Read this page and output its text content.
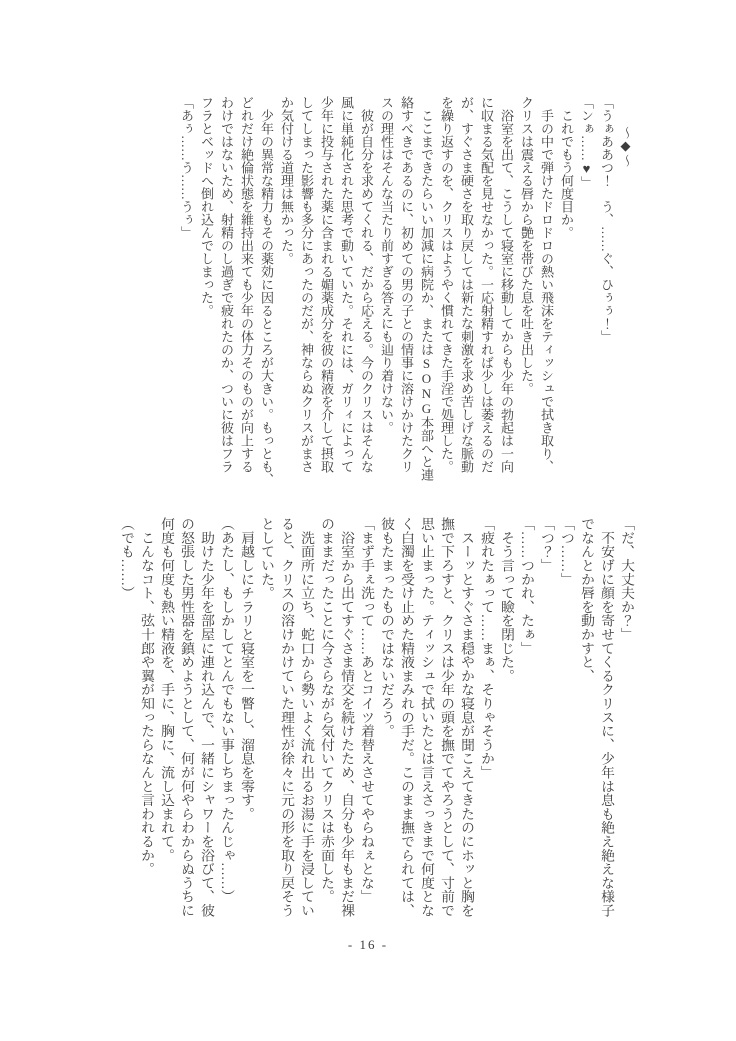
〜◆〜

「うぁああつ！　う、……ぐ、ひぅぅ！」

「ンぁ……♥」

　これでもう何度目か。

　手の中で弾けたドロドロの熱い飛沫をティッシュで拭き取り、

クリスは震える唇から艶を帯びた息を吐き出した。

　浴室を出て、こうして寝室に移動してからも少年の勃起は一向

に収まる気配を見せなかった。一応射精すれば少しは萎えるのだ

が、すぐさま硬さを取り戻しては新たな刺激を求め苦しげな脈動

を繰り返すのを、クリスはようやく慣れてきた手淫で処理した。

　ここまできたらいい加減に病院か、またはSONG本部へと連

絡すべきであるのに、初めての男の子との情事に溶けかけたクリ

スの理性はそんな当たり前すぎる答えにも辿り着けない。

　彼が自分を求めてくれる、だから応える。今のクリスはそんな

風に単純化された思考で動いていた。それには、ガリィによって

少年に投与された薬に含まれる媚薬成分を彼の精液を介して摂取

してしまった影響も多分にあったのだが、神ならぬクリスがまさ

か気付ける道理は無かった。

　少年の異常な精力もその薬効に因るところが大きい。もっとも、

どれだけ絶倫状態を維持出来ても少年の体力そのものが向上する

わけではないため、射精のし過ぎで疲れたのか、ついに彼はフラ

フラとベッドへ倒れ込んでしまった。

「あぅ……う……うぅ」

「だ、大丈夫か？」

　不安げに顔を寄せてくるクリスに、少年は息も絶え絶えな様子

でなんとか唇を動かすと、

「つ……」

「つ？」

「……つかれ、たぁ」

　そう言って瞼を閉じた。

「疲れたぁって……まぁ、そりゃそうか」

　スーッとすぐさま穏やかな寝息が聞こえてきたのにホッと胸を

撫で下ろすと、クリスは少年の頭を撫でてやろうとして、寸前で

思い止まった。ティッシュで拭いたとは言えさっきまで何度とな

く白濁を受け止めた精液まみれの手だ。このまま撫でられては、

彼もたまったものではないだろう。

「まず手ぇ洗って……あとコイツ着替えさせてやらねぇとな」

　浴室から出てすぐさま情交を続けたため、自分も少年もまだ裸

のままだったことに今さらながら気付いてクリスは赤面した。

　洗面所に立ち、蛇口から勢いよく流れ出るお湯に手を浸してい

ると、クリスの溶けかけていた理性が徐々に元の形を取り戻そう

としていた。

　肩越しにチラリと寝室を一瞥し、溜息を零す。

（あたし、もしかしてとんでもない事しちまったんじゃ……）

　助けた少年を部屋に連れ込んで、一緒にシャワーを浴びて、彼

の怒張した男性器を鎮めようとして、何が何やらわからぬうちに

何度も何度も熱い精液を、手に、胸に、流し込まれて。

　こんなコト、弦十郎や翼が知ったらなんと言われるか。

（でも……）

- 16 -
